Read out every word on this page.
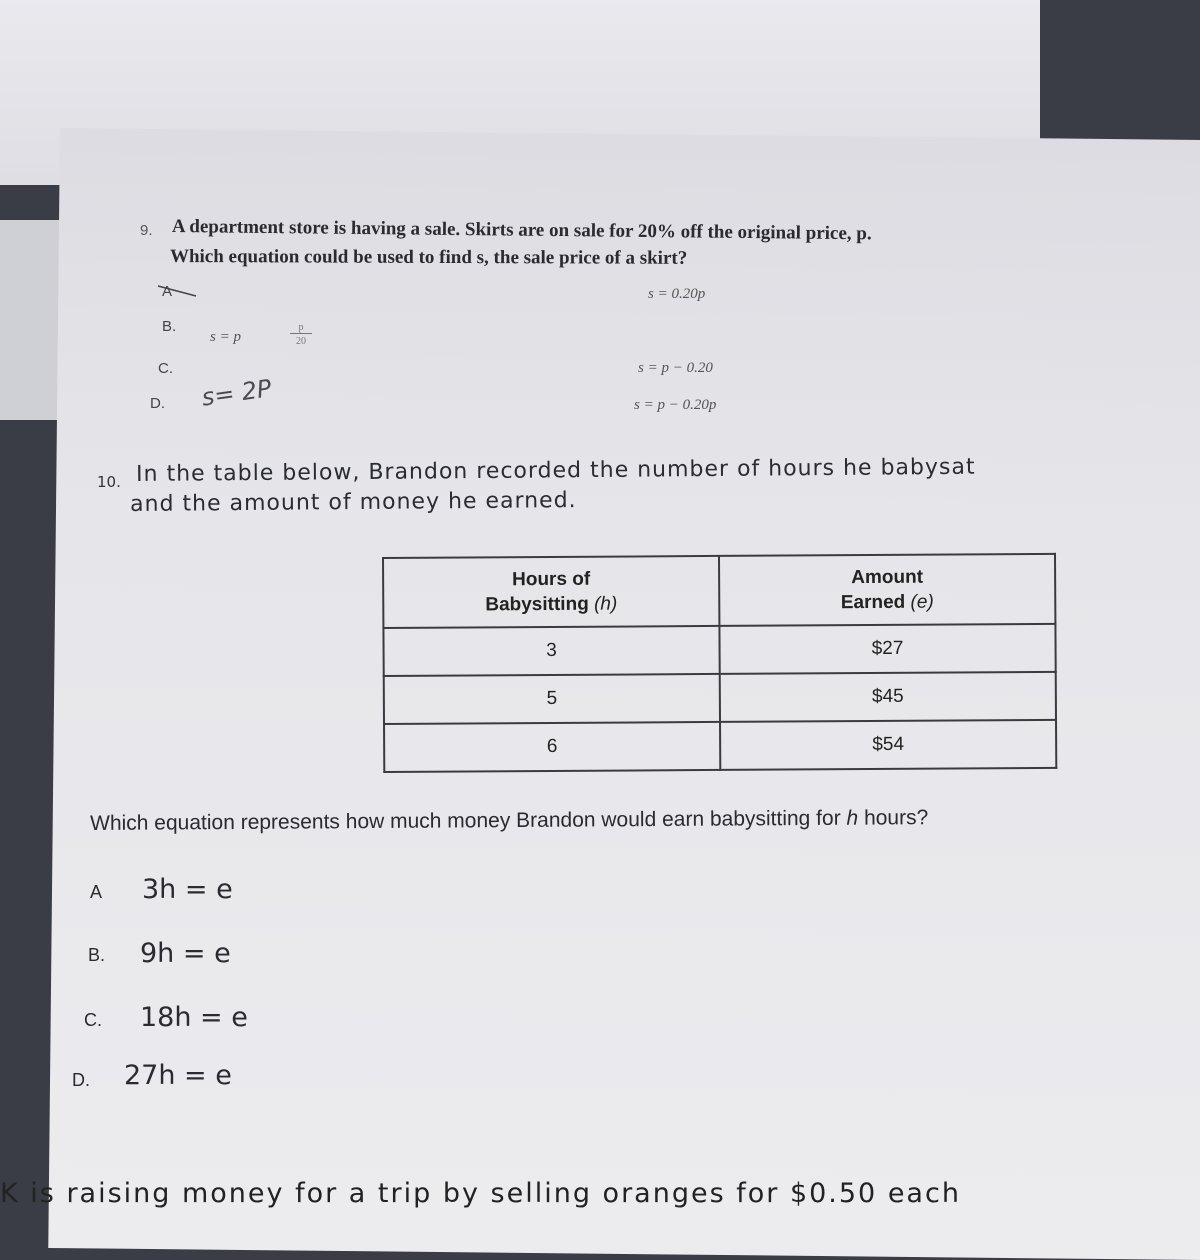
9. A department store is having a sale. Skirts are on sale for 20% off the original price, p.
Which equation could be used to find s, the sale price of a skirt?
A	s = 0.20p
B.
s = p
p
20
C.	s = p − 0.20
D. s= 2P	s = p − 0.20p
10. In the table below, Brandon recorded the number of hours he babysat
and the amount of money he earned.
Hours of
Babysitting (h)	Amount
Earned (e)
3	$27
5	$45
6	$54
Which equation represents how much money Brandon would earn babysitting for h hours?
A 3h = e
B. 9h = e
C. 18h = e
D. 27h = e
K is raising money for a trip by selling oranges for $0.50 each
